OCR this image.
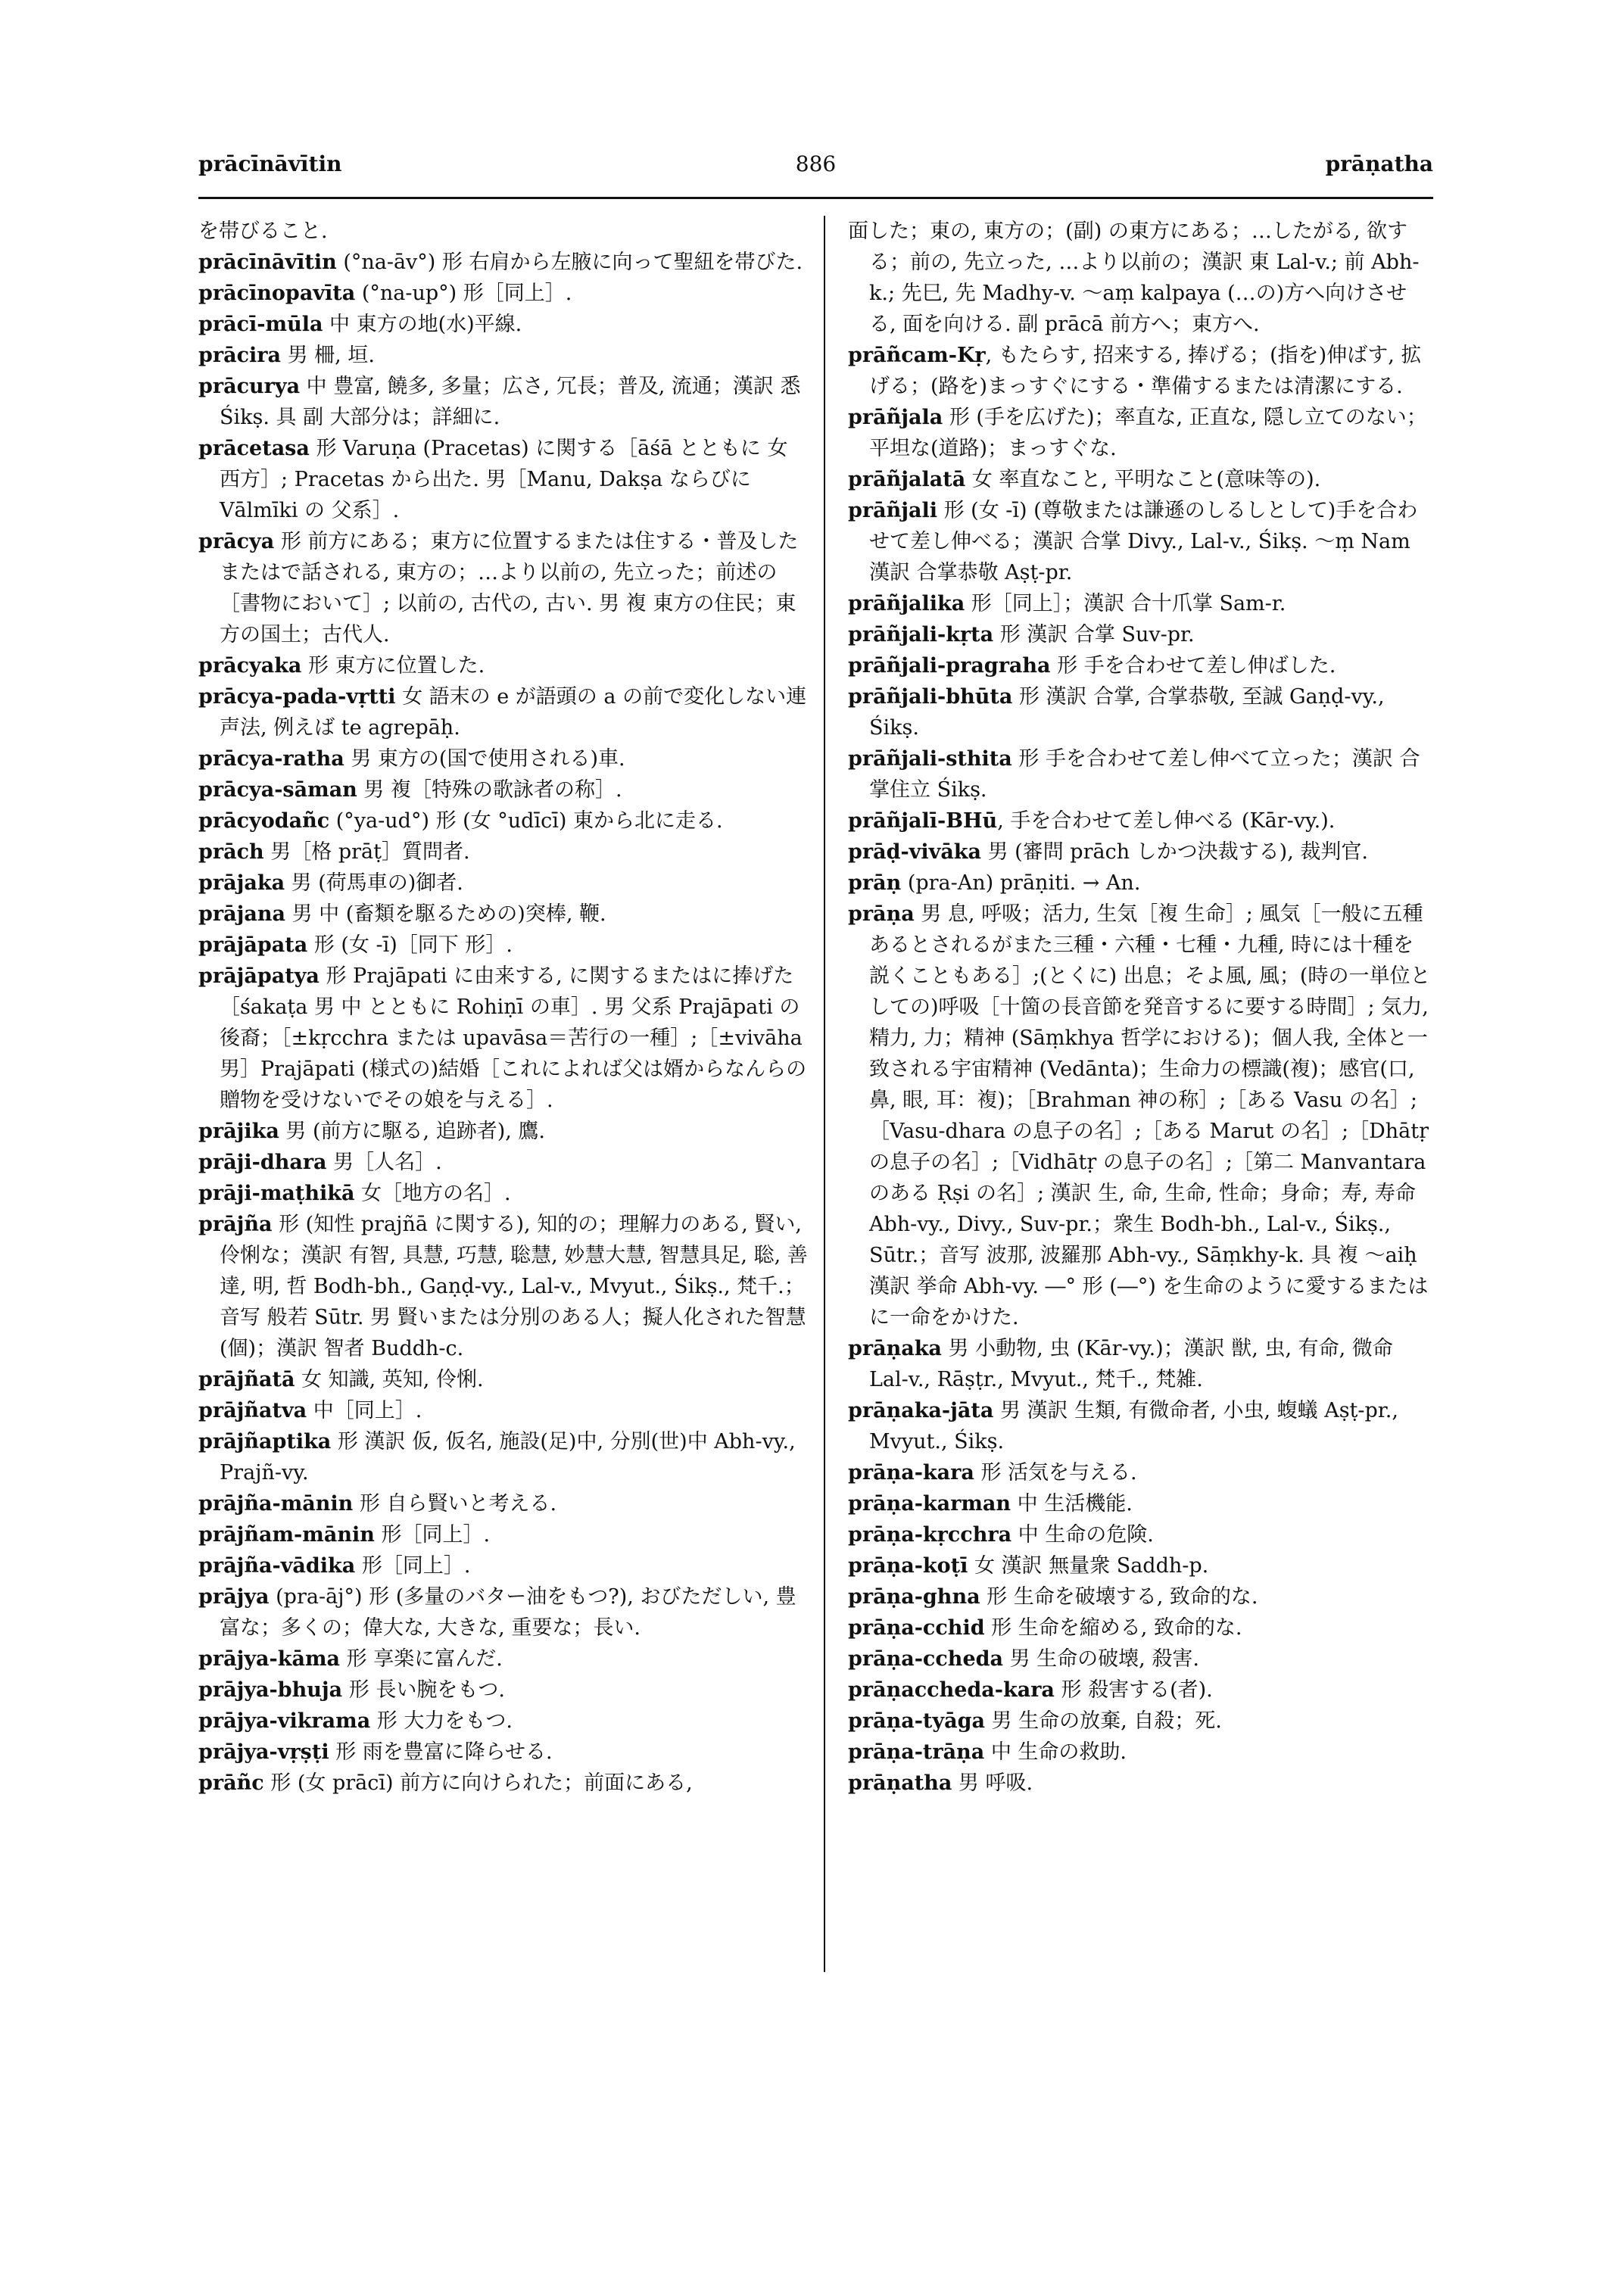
prācīnāvītin	886	prāṇatha

を帯びること.

prācīnāvītin (°na-āv°) 形 右肩から左腋に向って聖紐を帯びた.

prācīnopavīta (°na-up°) 形［同上］.

prācī-mūla 中 東方の地(水)平線.

prācira 男 柵, 垣.

prācurya 中 豊富, 饒多, 多量；広さ, 冗長；普及, 流通；漢訳 悉 Śikṣ. 具 副 大部分は；詳細に.

prācetasa 形 Varuṇa (Pracetas) に関する［āśā とともに 女 西方］; Pracetas から出た. 男［Manu, Dakṣa ならびに Vālmīki の 父系］.

prācya 形 前方にある；東方に位置するまたは住する・普及したまたはで話される, 東方の；…より以前の, 先立った；前述の［書物において］; 以前の, 古代の, 古い. 男 複 東方の住民；東方の国土；古代人.

prācyaka 形 東方に位置した.

prācya-pada-vṛtti 女 語末の e が語頭の a の前で変化しない連声法, 例えば te agrepāḥ.

prācya-ratha 男 東方の(国で使用される)車.

prācya-sāman 男 複［特殊の歌詠者の称］.

prācyodañc (°ya-ud°) 形 (女 °udīcī) 東から北に走る.

prāch 男［格 prāṭ］質問者.

prājaka 男 (荷馬車の)御者.

prājana 男 中 (畜類を駆るための)突棒, 鞭.

prājāpata 形 (女 -ī)［同下 形］.

prājāpatya 形 Prajāpati に由来する, に関するまたはに捧げた［śakaṭa 男 中 とともに Rohiṇī の車］. 男 父系 Prajāpati の後裔；［±kṛcchra または upavāsa＝苦行の一種］;［±vivāha 男］Prajāpati (様式の)結婚［これによれば父は婿からなんらの贈物を受けないでその娘を与える］.

prājika 男 (前方に駆る, 追跡者), 鷹.

prāji-dhara 男［人名］.

prāji-maṭhikā 女［地方の名］.

prājña 形 (知性 prajñā に関する), 知的の；理解力のある, 賢い, 伶悧な；漢訳 有智, 具慧, 巧慧, 聡慧, 妙慧大慧, 智慧具足, 聡, 善達, 明, 哲 Bodh-bh., Gaṇḍ-vy., Lal-v., Mvyut., Śikṣ., 梵千.；音写 般若 Sūtr. 男 賢いまたは分別のある人；擬人化された智慧(個)；漢訳 智者 Buddh-c.

prājñatā 女 知識, 英知, 伶悧.

prājñatva 中［同上］.

prājñaptika 形 漢訳 仮, 仮名, 施設(足)中, 分別(世)中 Abh-vy., Prajñ-vy.

prājña-mānin 形 自ら賢いと考える.

prājñam-mānin 形［同上］.

prājña-vādika 形［同上］.

prājya (pra-āj°) 形 (多量のバター油をもつ?), おびただしい, 豊富な；多くの；偉大な, 大きな, 重要な；長い.

prājya-kāma 形 享楽に富んだ.

prājya-bhuja 形 長い腕をもつ.

prājya-vikrama 形 大力をもつ.

prājya-vṛṣṭi 形 雨を豊富に降らせる.

prāñc 形 (女 prācī) 前方に向けられた；前面にある,

面した；東の, 東方の；(副) の東方にある；…したがる, 欲する；前の, 先立った, …より以前の；漢訳 東 Lal-v.; 前 Abh-k.; 先巳, 先 Madhy-v. ～aṃ kalpaya (…の)方へ向けさせる, 面を向ける. 副 prācā 前方へ；東方へ.

prāñcam-Kṛ, もたらす, 招来する, 捧げる；(指を)伸ばす, 拡げる；(路を)まっすぐにする・準備するまたは清潔にする.

prāñjala 形 (手を広げた)；率直な, 正直な, 隠し立てのない；平坦な(道路)；まっすぐな.

prāñjalatā 女 率直なこと, 平明なこと(意味等の).

prāñjali 形 (女 -ī) (尊敬または謙遜のしるしとして)手を合わせて差し伸べる；漢訳 合掌 Divy., Lal-v., Śikṣ. ～ṃ Nam 漢訳 合掌恭敬 Aṣṭ-pr.

prāñjalika 形［同上］；漢訳 合十爪掌 Sam-r.

prāñjali-kṛta 形 漢訳 合掌 Suv-pr.

prāñjali-pragraha 形 手を合わせて差し伸ばした.

prāñjali-bhūta 形 漢訳 合掌, 合掌恭敬, 至誠 Gaṇḍ-vy., Śikṣ.

prāñjali-sthita 形 手を合わせて差し伸べて立った；漢訳 合掌住立 Śikṣ.

prāñjalī-BHū, 手を合わせて差し伸べる (Kār-vy.).

prāḍ-vivāka 男 (審問 prāch しかつ決裁する), 裁判官.

prāṇ (pra-An) prāṇiti. → An.

prāṇa 男 息, 呼吸；活力, 生気［複 生命］; 風気［一般に五種あるとされるがまた三種・六種・七種・九種, 時には十種を説くこともある］;(とくに) 出息；そよ風, 風；(時の一単位としての)呼吸［十箇の長音節を発音するに要する時間］; 気力, 精力, 力；精神 (Sāṃkhya 哲学における)；個人我, 全体と一致される宇宙精神 (Vedānta)；生命力の標識(複)；感官(口, 鼻, 眼, 耳：複)；［Brahman 神の称］;［ある Vasu の名］;［Vasu-dhara の息子の名］;［ある Marut の名］;［Dhātṛ の息子の名］;［Vidhātṛ の息子の名］;［第二 Manvantara のある Ṛṣi の名］; 漢訳 生, 命, 生命, 性命；身命；寿, 寿命 Abh-vy., Divy., Suv-pr.；衆生 Bodh-bh., Lal-v., Śikṣ., Sūtr.；音写 波那, 波羅那 Abh-vy., Sāṃkhy-k. 具 複 ～aiḥ 漢訳 挙命 Abh-vy. ―° 形 (―°) を生命のように愛するまたはに一命をかけた.

prāṇaka 男 小動物, 虫 (Kār-vy.)；漢訳 獣, 虫, 有命, 微命 Lal-v., Rāṣṭr., Mvyut., 梵千., 梵雑.

prāṇaka-jāta 男 漢訳 生類, 有微命者, 小虫, 蝮蟻 Aṣṭ-pr., Mvyut., Śikṣ.

prāṇa-kara 形 活気を与える.

prāṇa-karman 中 生活機能.

prāṇa-kṛcchra 中 生命の危険.

prāṇa-koṭī 女 漢訳 無量衆 Saddh-p.

prāṇa-ghna 形 生命を破壊する, 致命的な.

prāṇa-cchid 形 生命を縮める, 致命的な.

prāṇa-ccheda 男 生命の破壊, 殺害.

prāṇaccheda-kara 形 殺害する(者).

prāṇa-tyāga 男 生命の放棄, 自殺；死.

prāṇa-trāṇa 中 生命の救助.

prāṇatha 男 呼吸.
